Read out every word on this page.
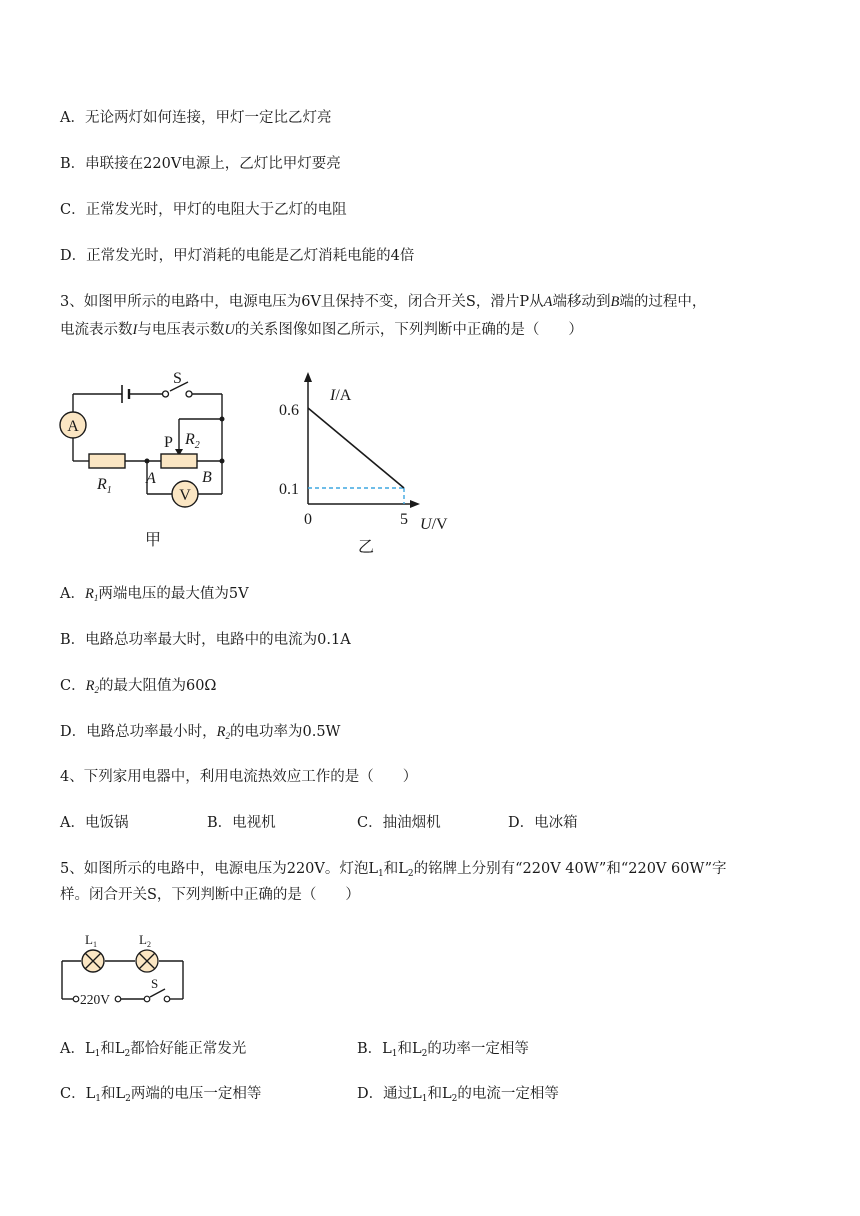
A．无论两灯如何连接，甲灯一定比乙灯亮
B．串联接在220V电源上，乙灯比甲灯要亮
C．正常发光时，甲灯的电阻大于乙灯的电阻
D．正常发光时，甲灯消耗的电能是乙灯消耗电能的4倍
3、如图甲所示的电路中，电源电压为6V且保持不变，闭合开关S，滑片P从A端移动到B端的过程中，
电流表示数I与电压表示数U的关系图像如图乙所示，下列判断中正确的是（　　）
A
V
S
P $R_2$
$R_1$
A	B
甲
I/A
U/V
0.6
0.1
0	5
乙
A．$R_1$两端电压的最大值为5V
B．电路总功率最大时，电路中的电流为0.1A
C．$R_2$的最大阻值为60Ω
D．电路总功率最小时，$R_2$的电功率为0.5W
4、下列家用电器中，利用电流热效应工作的是（　　）
A．电饭锅	B．电视机	C．抽油烟机	D．电冰箱
5、如图所示的电路中，电源电压为220V。灯泡$L_1$和$L_2$的铭牌上分别有“220V 40W”和“220V 60W”字
样。闭合开关S，下列判断中正确的是（　　）
$L_1$	$L_2$
220V
S
A．$L_1$和$L_2$都恰好能正常发光	B．$L_1$和$L_2$的功率一定相等
C．$L_1$和$L_2$两端的电压一定相等	D．通过$L_1$和$L_2$的电流一定相等
